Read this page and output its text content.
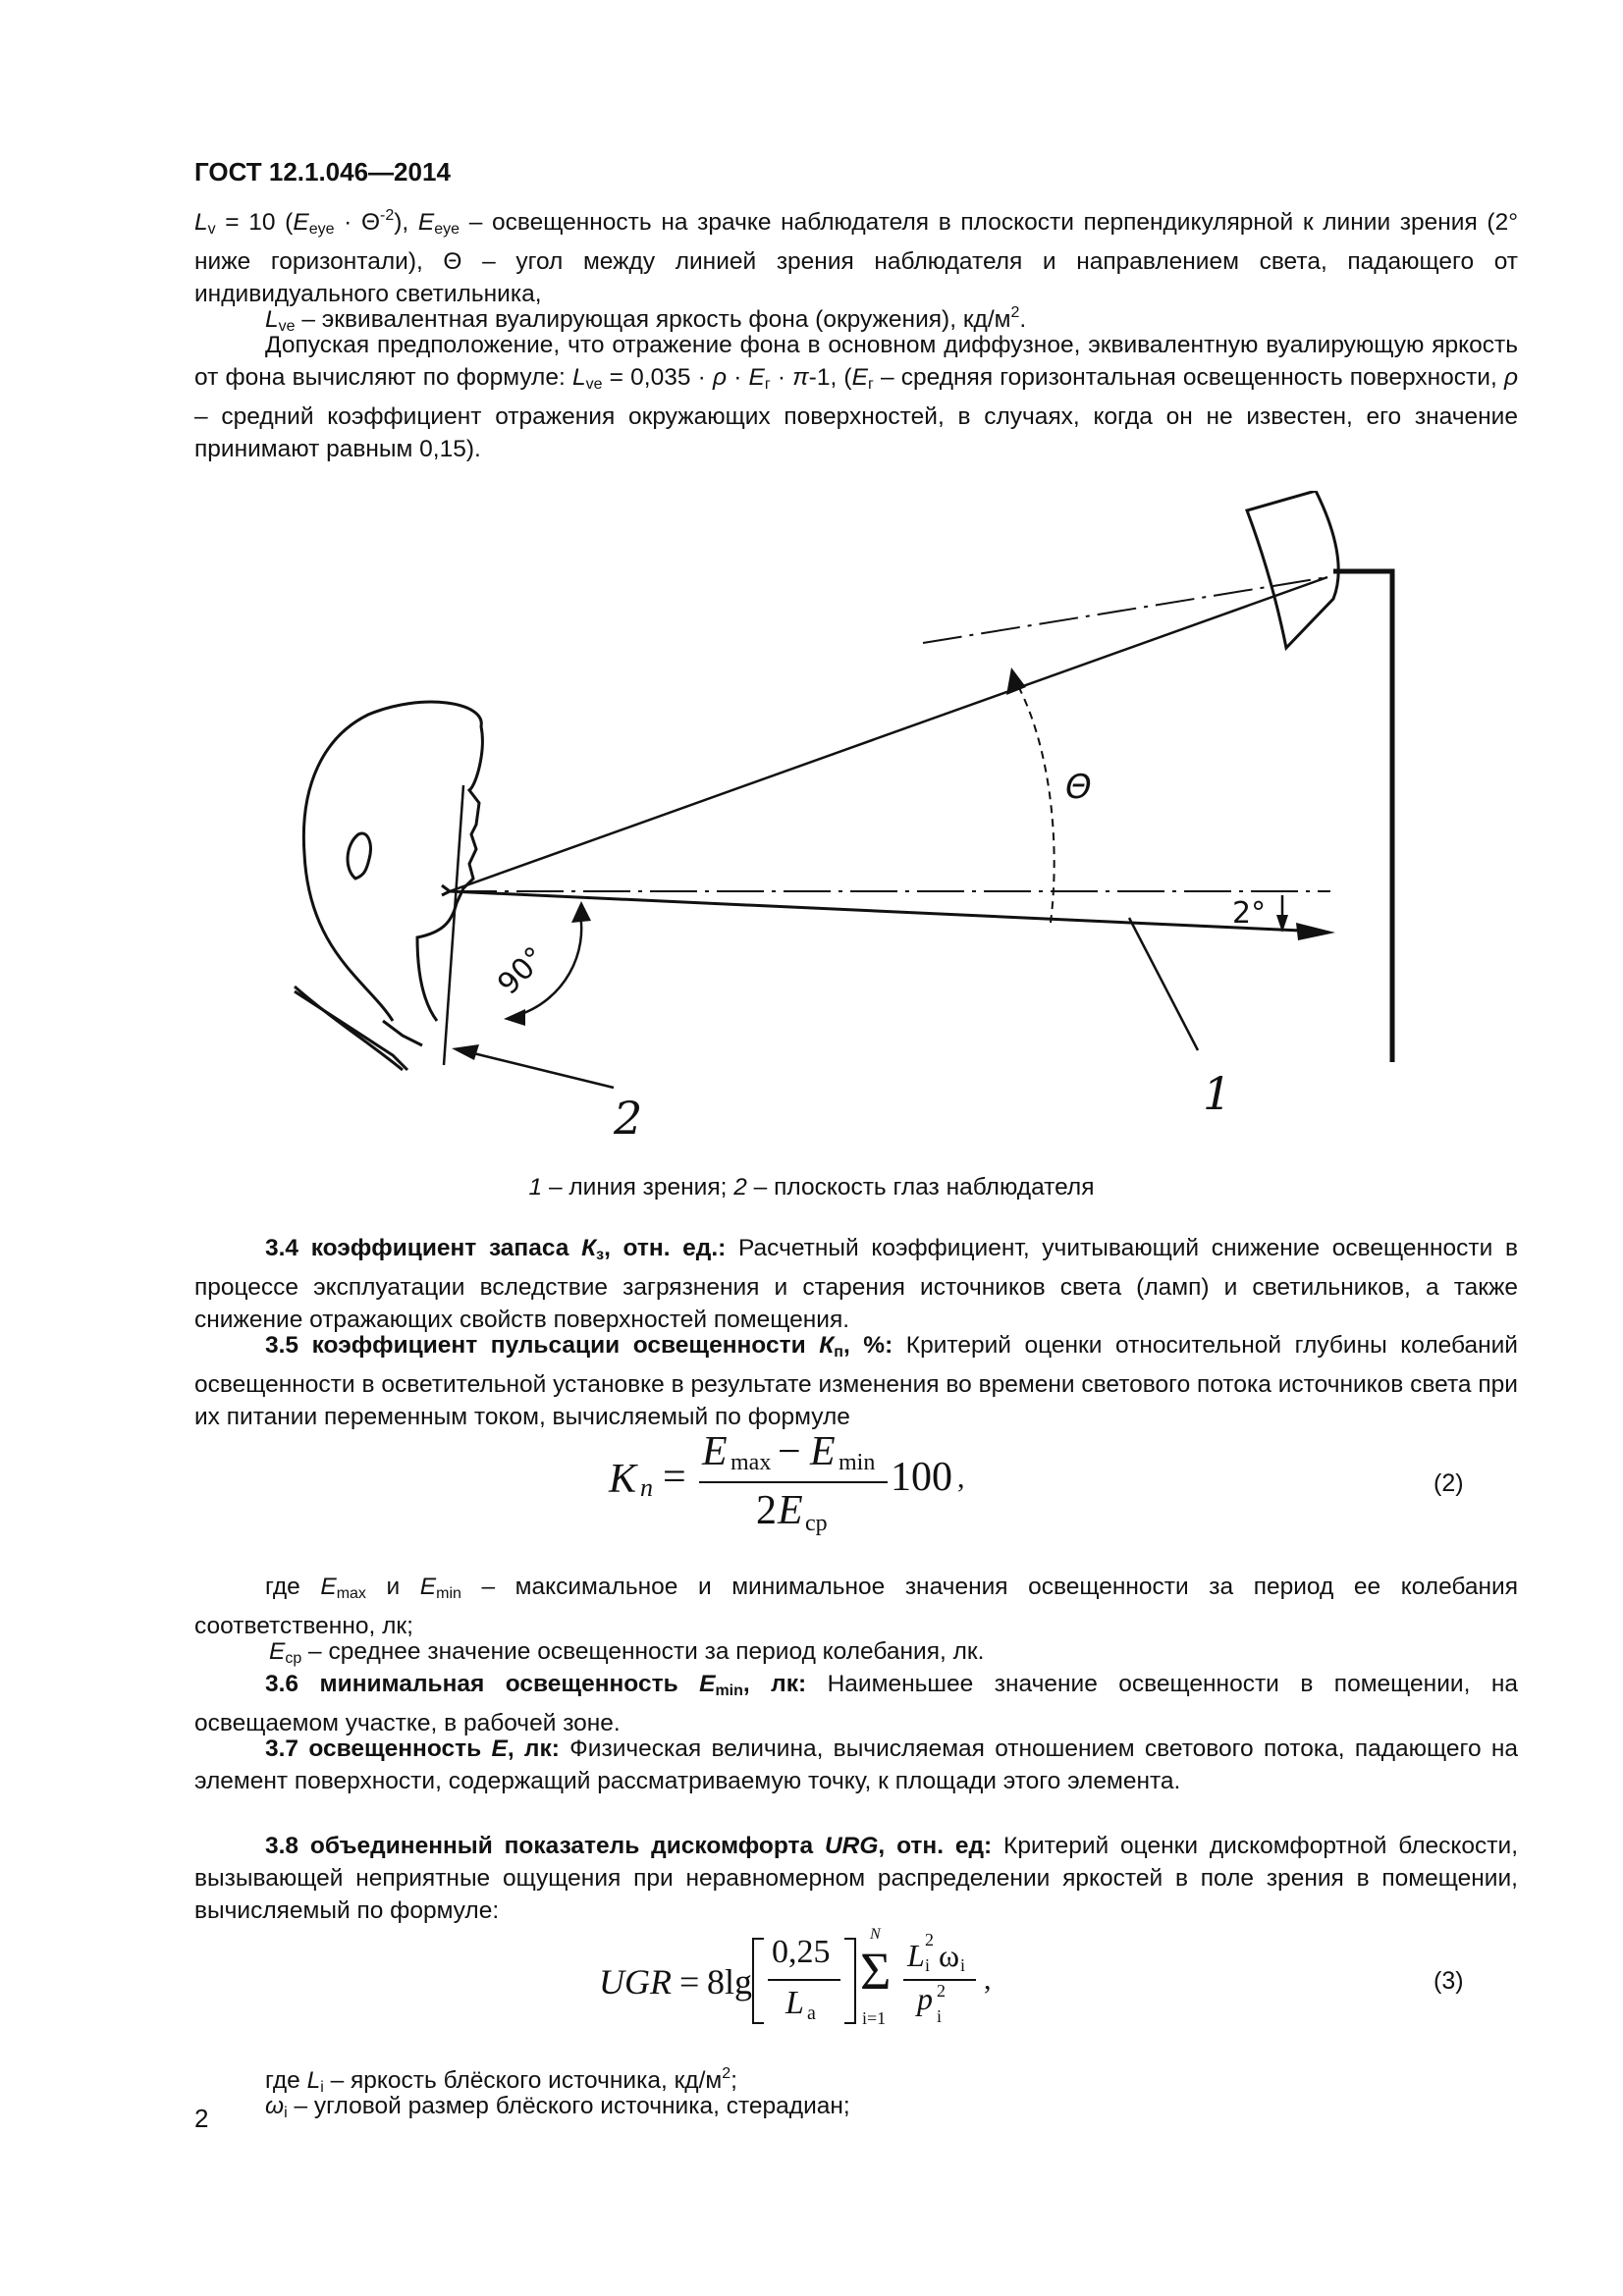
ГОСТ 12.1.046—2014

$L_v = 10$ $(E_{eye} \cdot \Theta^{-2})$, $E_{eye}$ – освещенность на зрачке наблюдателя в плоскости перпендикулярной к линии зрения (2° ниже горизонтали), Θ – угол между линией зрения наблюдателя и направлением света, падающего от индивидуального светильника,

$L_{ve}$ – эквивалентная вуалирующая яркость фона (окружения), $кд/м^2$.

Допуская предположение, что отражение фона в основном диффузное, эквивалентную вуалирующую яркость от фона вычисляют по формуле: $L_{ve} = 0,035 \cdot \rho \cdot E_г \cdot \pi-1$, ($E_г$ – средняя горизонтальная освещенность поверхности, ρ – средний коэффициент отражения окружающих поверхностей, в случаях, когда он не известен, его значение принимают равным 0,15).

Θ
90°
2°
1
2
1 – линия зрения; 2 – плоскость глаз наблюдателя

3.4 коэффициент запаса $К_з$, отн. ед.: Расчетный коэффициент, учитывающий снижение освещенности в процессе эксплуатации вследствие загрязнения и старения источников света (ламп) и светильников, а также снижение отражающих свойств поверхностей помещения.

3.5 коэффициент пульсации освещенности $К_п$, %: Критерий оценки относительной глубины колебаний освещенности в осветительной установке в результате изменения во времени светового потока источников света при их питании переменным током, вычисляемый по формуле

K n =
E max − E min
2 E ср
100 ,	(2)

где $E_{max}$ и $E_{min}$ – максимальное и минимальное значения освещенности за период ее колебания соответственно, лк;

$E_{ср}$ – среднее значение освещенности за период колебания, лк.

3.6 минимальная освещенность $E_{min}$, лк: Наименьшее значение освещенности в помещении, на освещаемом участке, в рабочей зоне.

3.7 освещенность E, лк: Физическая величина, вычисляемая отношением светового потока, падающего на элемент поверхности, содержащий рассматриваемую точку, к площади этого элемента.

3.8 объединенный показатель дискомфорта URG, отн. ед: Критерий оценки дискомфортной блескости, вызывающей неприятные ощущения при неравномерном распределении яркостей в поле зрения в помещении, вычисляемый по формуле:

UGR = 8lg
0,25
L a
N
Σ
i=1
L 2
i ω i
p 2
i
,	(3)

где $L_i$ – яркость блёского источника, $кд/м^2$;

$\omega_i$ – угловой размер блёского источника, стерадиан;

2
